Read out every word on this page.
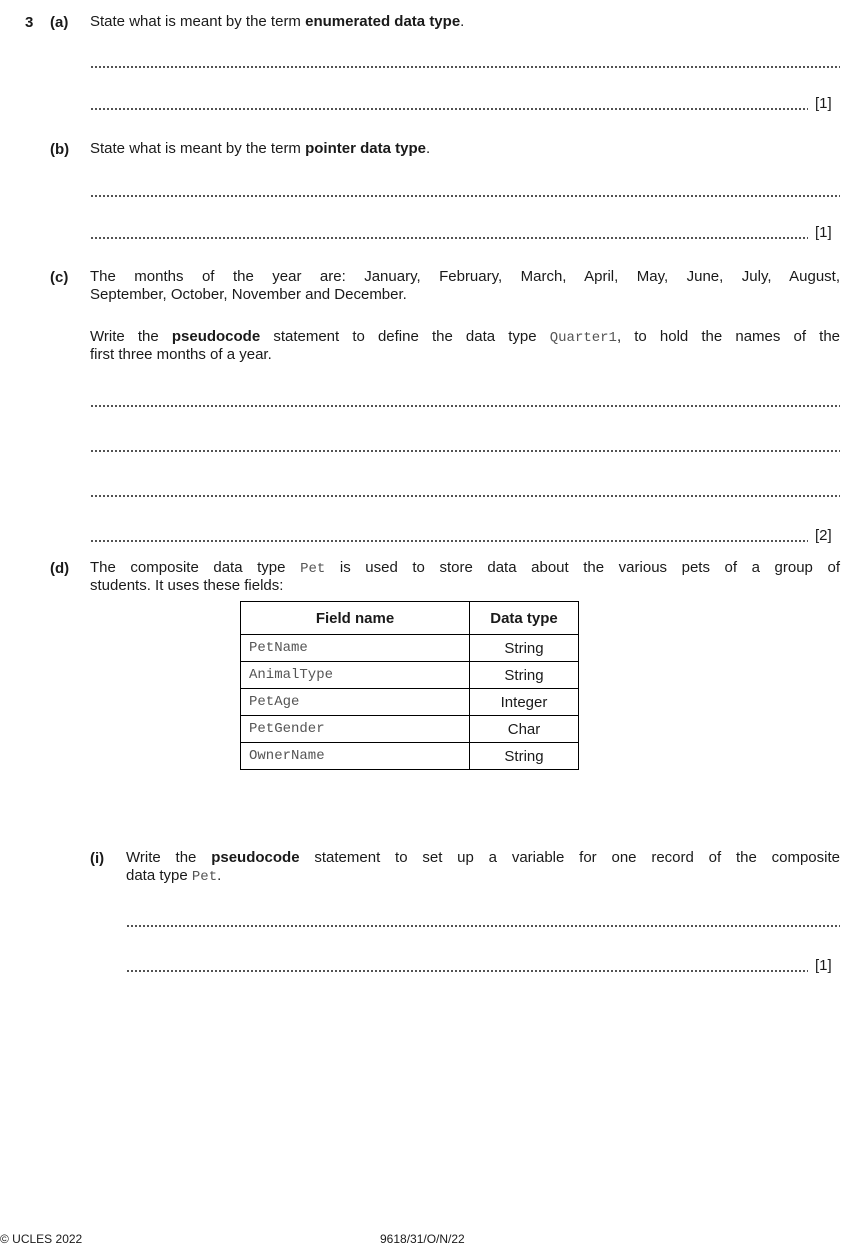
3 (a) State what is meant by the term enumerated data type.
[1]
(b) State what is meant by the term pointer data type.
[1]
(c) The months of the year are: January, February, March, April, May, June, July, August,
September, October, November and December.
Write the pseudocode statement to define the data type Quarter1, to hold the names of the
first three months of a year.
[2]
(d) The composite data type Pet is used to store data about the various pets of a group of
students. It uses these fields:
Field name	Data type
PetName	String
AnimalType	String
PetAge	Integer
PetGender	Char
OwnerName	String
(i) Write the pseudocode statement to set up a variable for one record of the composite
data type Pet.
[1]
© UCLES 2022	9618/31/O/N/22
